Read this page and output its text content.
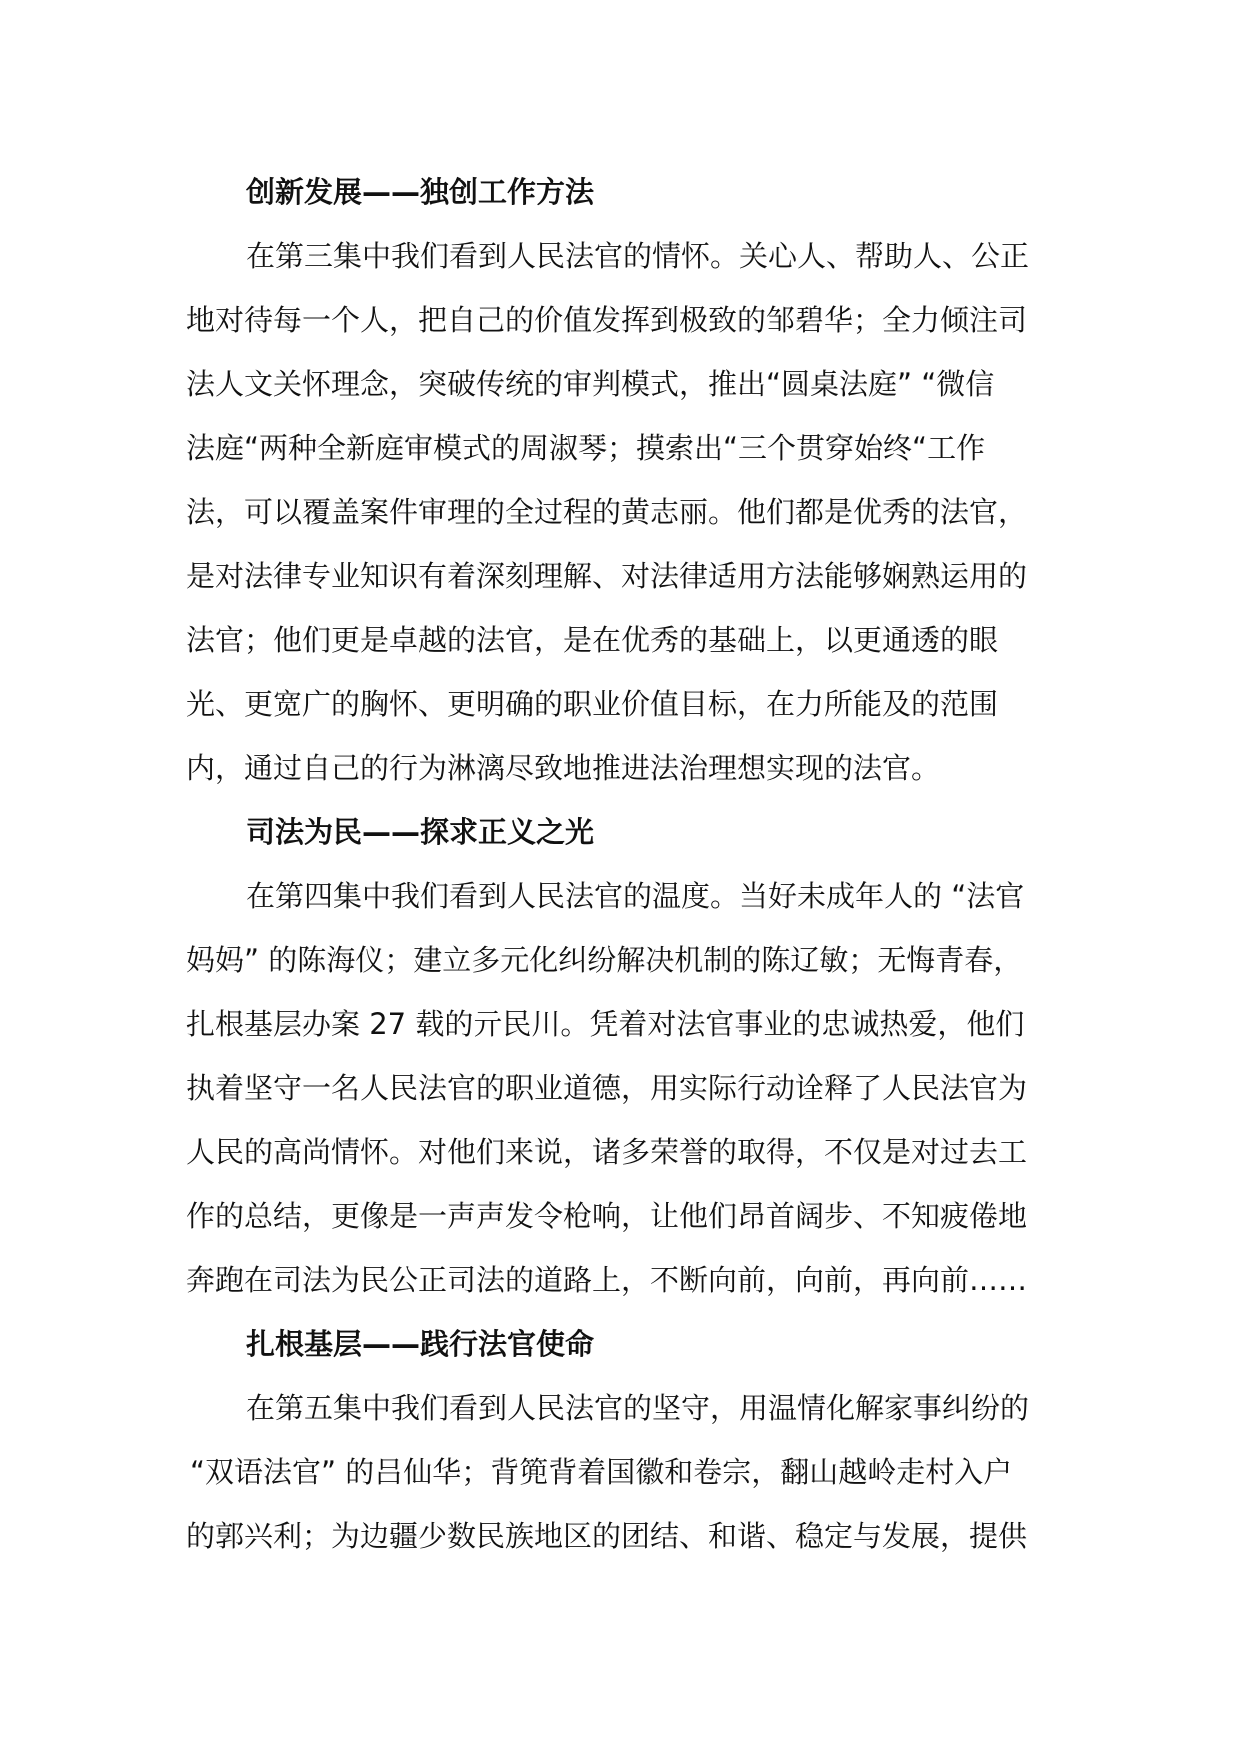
创新发展——独创工作方法

在第三集中我们看到人民法官的情怀。关心人、帮助人、公正

地对待每一个人，把自己的价值发挥到极致的邹碧华；全力倾注司

法人文关怀理念，突破传统的审判模式，推出“圆桌法庭” “微信

法庭“两种全新庭审模式的周淑琴；摸索出“三个贯穿始终“工作

法，可以覆盖案件审理的全过程的黄志丽。他们都是优秀的法官，

是对法律专业知识有着深刻理解、对法律适用方法能够娴熟运用的

法官；他们更是卓越的法官，是在优秀的基础上，以更通透的眼

光、更宽广的胸怀、更明确的职业价值目标，在力所能及的范围

内，通过自己的行为淋漓尽致地推进法治理想实现的法官。

司法为民——探求正义之光

在第四集中我们看到人民法官的温度。当好未成年人的 “法官

妈妈” 的陈海仪；建立多元化纠纷解决机制的陈辽敏；无悔青春，

扎根基层办案 27 载的亓民川。凭着对法官事业的忠诚热爱，他们

执着坚守一名人民法官的职业道德，用实际行动诠释了人民法官为

人民的高尚情怀。对他们来说，诸多荣誉的取得，不仅是对过去工

作的总结，更像是一声声发令枪响，让他们昂首阔步、不知疲倦地

奔跑在司法为民公正司法的道路上，不断向前，向前，再向前……

扎根基层——践行法官使命

在第五集中我们看到人民法官的坚守，用温情化解家事纠纷的

“双语法官” 的吕仙华；背篼背着国徽和卷宗，翻山越岭走村入户

的郭兴利；为边疆少数民族地区的团结、和谐、稳定与发展，提供
